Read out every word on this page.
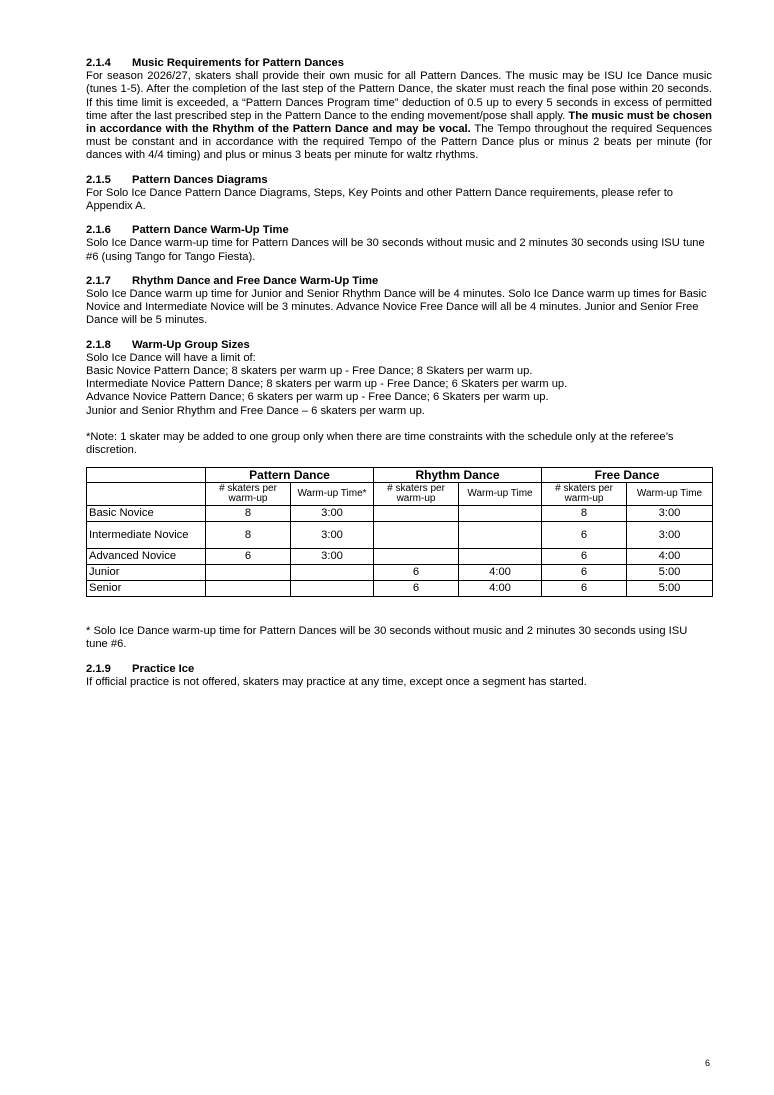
2.1.4 Music Requirements for Pattern Dances

For season 2026/27, skaters shall provide their own music for all Pattern Dances. The music may be ISU Ice Dance music (tunes 1-5). After the completion of the last step of the Pattern Dance, the skater must reach the final pose within 20 seconds. If this time limit is exceeded, a “Pattern Dances Program time” deduction of 0.5 up to every 5 seconds in excess of permitted time after the last prescribed step in the Pattern Dance to the ending movement/pose shall apply. The music must be chosen in accordance with the Rhythm of the Pattern Dance and may be vocal. The Tempo throughout the required Sequences must be constant and in accordance with the required Tempo of the Pattern Dance plus or minus 2 beats per minute (for dances with 4/4 timing) and plus or minus 3 beats per minute for waltz rhythms.

2.1.5 Pattern Dances Diagrams

For Solo Ice Dance Pattern Dance Diagrams, Steps, Key Points and other Pattern Dance requirements, please refer to Appendix A.

2.1.6 Pattern Dance Warm-Up Time

Solo Ice Dance warm-up time for Pattern Dances will be 30 seconds without music and 2 minutes 30 seconds using ISU tune #6 (using Tango for Tango Fiesta).

2.1.7 Rhythm Dance and Free Dance Warm-Up Time

Solo Ice Dance warm up time for Junior and Senior Rhythm Dance will be 4 minutes. Solo Ice Dance warm up times for Basic Novice and Intermediate Novice will be 3 minutes. Advance Novice Free Dance will all be 4 minutes. Junior and Senior Free Dance will be 5 minutes.

2.1.8 Warm-Up Group Sizes
Solo Ice Dance will have a limit of:
Basic Novice Pattern Dance; 8 skaters per warm up - Free Dance; 8 Skaters per warm up.
Intermediate Novice Pattern Dance; 8 skaters per warm up - Free Dance; 6 Skaters per warm up.
Advance Novice Pattern Dance; 6 skaters per warm up - Free Dance; 6 Skaters per warm up.
Junior and Senior Rhythm and Free Dance – 6 skaters per warm up.

*Note: 1 skater may be added to one group only when there are time constraints with the schedule only at the referee’s discretion.

	Pattern Dance		Rhythm Dance		Free Dance	
	# skaters per warm-up	Warm-up Time*	# skaters per warm-up	Warm-up Time	# skaters per warm-up	Warm-up Time
Basic Novice	8	3:00			8	3:00
Intermediate Novice	8	3:00			6	3:00
Advanced Novice	6	3:00			6	4:00
Junior			6	4:00	6	5:00
Senior			6	4:00	6	5:00

* Solo Ice Dance warm-up time for Pattern Dances will be 30 seconds without music and 2 minutes 30 seconds using ISU tune #6.

2.1.9 Practice Ice

If official practice is not offered, skaters may practice at any time, except once a segment has started.

6
